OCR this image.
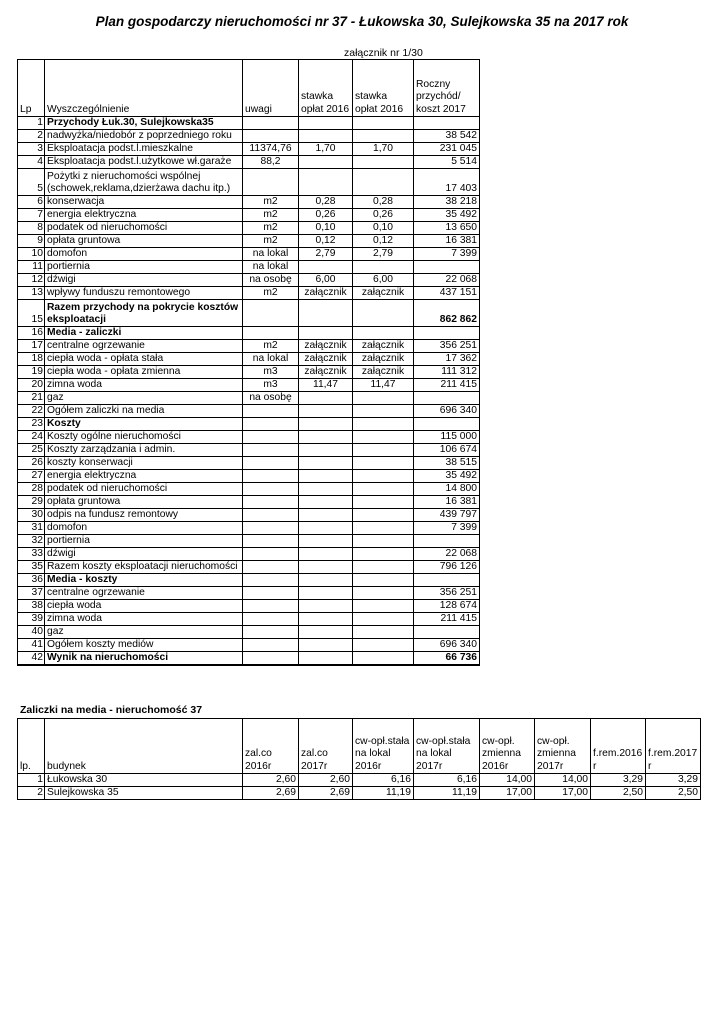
Plan gospodarczy nieruchomości nr 37 - Łukowska 30, Sulejkowska 35 na 2017 rok
załącznik nr 1/30
Lp	Wyszczególnienie	uwagi	stawka opłat 2016	stawka opłat 2016	Roczny przychód/ koszt 2017
1	Przychody Łuk.30, Sulejkowska35				
2	nadwyżka/niedobór z poprzedniego roku				38 542
3	Eksploatacja podst.l.mieszkalne	11374,76	1,70	1,70	231 045
4	Eksploatacja podst.l.użytkowe wł.garaże	88,2			5 514
5	Pożytki z nieruchomości wspólnej (schowek,reklama,dzierżawa dachu itp.)				17 403
6	konserwacja	m2	0,28	0,28	38 218
7	energia elektryczna	m2	0,26	0,26	35 492
8	podatek od nieruchomości	m2	0,10	0,10	13 650
9	opłata gruntowa	m2	0,12	0,12	16 381
10	domofon	na lokal	2,79	2,79	7 399
11	portiernia	na lokal			
12	dźwigi	na osobę	6,00	6,00	22 068
13	wpływy funduszu remontowego	m2	załącznik	załącznik	437 151
15	Razem przychody na pokrycie kosztów eksploatacji				862 862
16	Media - zaliczki				
17	centralne ogrzewanie	m2	załącznik	załącznik	356 251
18	ciepła woda - opłata stała	na lokal	załącznik	załącznik	17 362
19	ciepła woda - opłata zmienna	m3	załącznik	załącznik	111 312
20	zimna woda	m3	11,47	11,47	211 415
21	gaz	na osobę			
22	Ogółem zaliczki na media				696 340
23	Koszty				
24	Koszty ogólne nieruchomości				115 000
25	Koszty zarządzania i admin.				106 674
26	koszty konserwacji				38 515
27	energia elektryczna				35 492
28	podatek od nieruchomości				14 800
29	opłata gruntowa				16 381
30	odpis na fundusz remontowy				439 797
31	domofon				7 399
32	portiernia				
33	dźwigi				22 068
35	Razem koszty eksploatacji nieruchomości				796 126
36	Media - koszty				
37	centralne ogrzewanie				356 251
38	ciepła woda				128 674
39	zimna woda				211 415
40	gaz				
41	Ogółem koszty mediów				696 340
42	Wynik na nieruchomości				66 736
Zaliczki na media - nieruchomość 37
lp.	budynek	zal.co 2016r	zal.co 2017r	cw-opł.stała na lokal 2016r	cw-opł.stała na lokal 2017r	cw-opł. zmienna 2016r	cw-opł. zmienna 2017r	f.rem.2016 r	f.rem.2017 r
1	Łukowska 30	2,60	2,60	6,16	6,16	14,00	14,00	3,29	3,29
2	Sulejkowska 35	2,69	2,69	11,19	11,19	17,00	17,00	2,50	2,50
